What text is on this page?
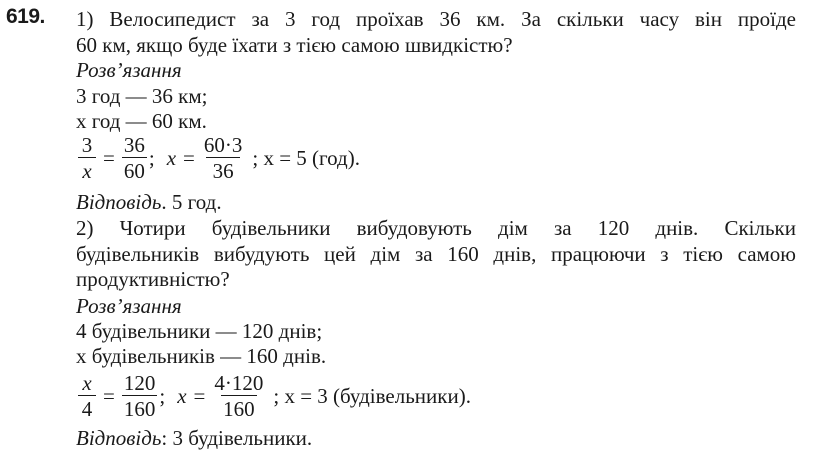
619. 1) Велосипедист за 3 год проїхав 36 км. За скільки часу він проїде
60 км, якщо буде їхати з тією самою швидкістю?
Розв’язання
3 год — 36 км;
x год — 60 км.
$\frac{3}{x} = \frac{36}{60}$ ; $x = \frac{60\cdot 3}{36}$ ; x = 5 (год).
Відповідь. 5 год.
2) Чотири будівельники вибудовують дім за 120 днів. Скільки
будівельників вибудують цей дім за 160 днів, працюючи з тією самою
продуктивністю?
Розв’язання
4 будівельники — 120 днів;
x будівельників — 160 днів.
$\frac{x}{4} = \frac{120}{160}$ ; $x = \frac{4\cdot 120}{160}$ ; x = 3 (будівельники).
Відповідь: 3 будівельники.
